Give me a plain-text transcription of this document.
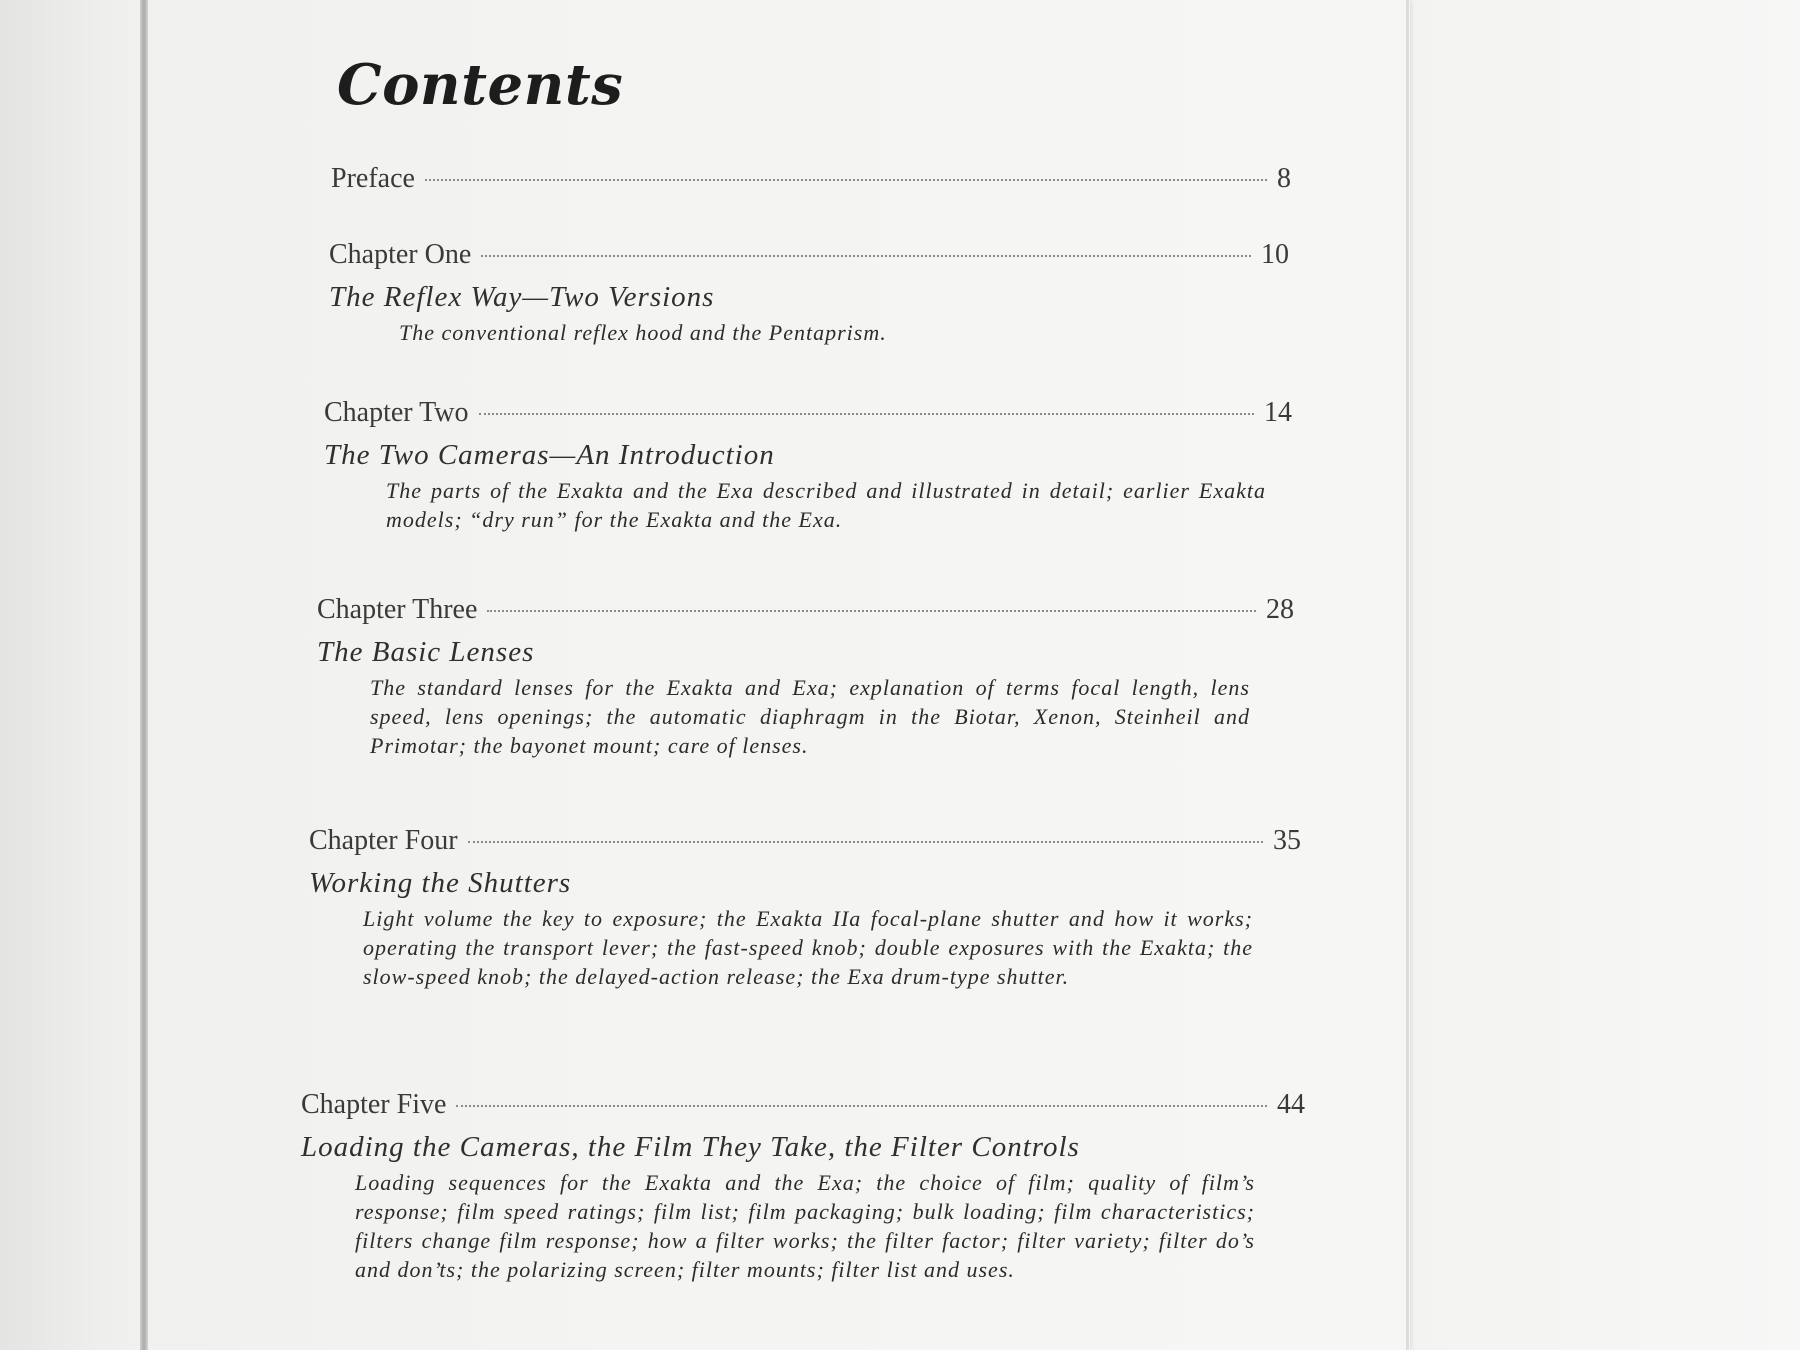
Contents
Preface	8
Chapter One	10
The Reflex Way—Two Versions
The conventional reflex hood and the Pentaprism.
Chapter Two	14
The Two Cameras—An Introduction
The parts of the Exakta and the Exa described and illustrated in detail; earlier Exakta models; “dry run” for the Exakta and the Exa.
Chapter Three	28
The Basic Lenses
The standard lenses for the Exakta and Exa; explanation of terms focal length, lens speed, lens openings; the automatic diaphragm in the Biotar, Xenon, Steinheil and Primotar; the bayonet mount; care of lenses.
Chapter Four	35
Working the Shutters
Light volume the key to exposure; the Exakta IIa focal-plane shutter and how it works; operating the transport lever; the fast-speed knob; double exposures with the Exakta; the slow-speed knob; the delayed-action release; the Exa drum-type shutter.
Chapter Five	44
Loading the Cameras, the Film They Take, the Filter Controls
Loading sequences for the Exakta and the Exa; the choice of film; quality of film’s response; film speed ratings; film list; film packaging; bulk loading; film characteristics; filters change film response; how a filter works; the filter factor; filter variety; filter do’s and don’ts; the polarizing screen; filter mounts; filter list and uses.
